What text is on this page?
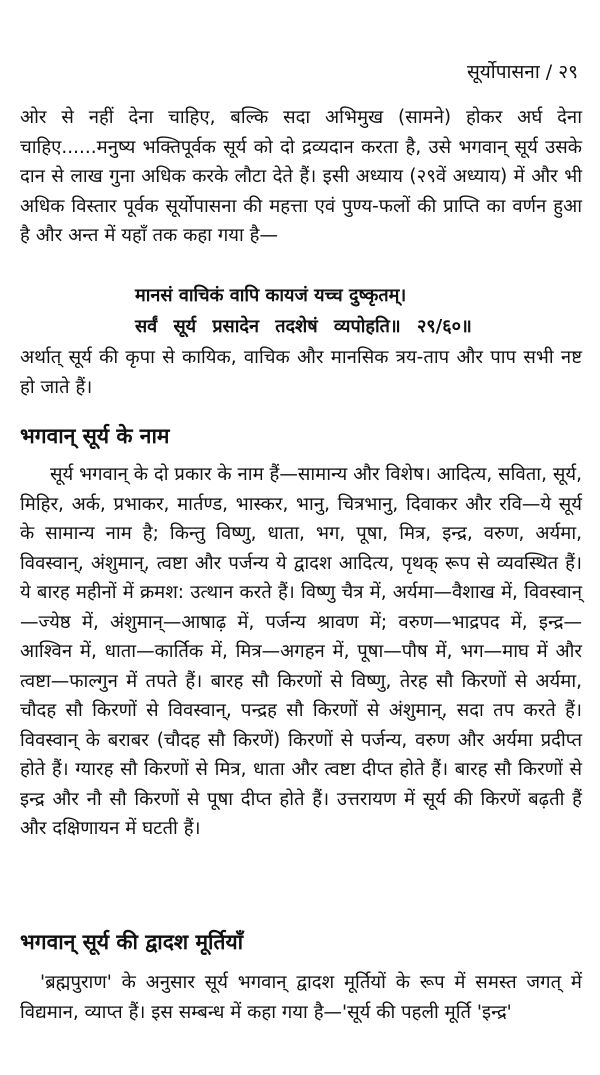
सूर्योपासना / २९

ओर से नहीं देना चाहिए, बल्कि सदा अभिमुख (सामने) होकर अर्घ देना चाहिए......मनुष्य भक्तिपूर्वक सूर्य को दो द्रव्यदान करता है, उसे भगवान् सूर्य उसके दान से लाख गुना अधिक करके लौटा देते हैं। इसी अध्याय (२९वें अध्याय) में और भी अधिक विस्तार पूर्वक सूर्योपासना की महत्ता एवं पुण्य-फलों की प्राप्ति का वर्णन हुआ है और अन्त में यहाँ तक कहा गया है—

मानसं वाचिकं वापि कायजं यच्च दुष्कृतम्।

सर्वं सूर्य प्रसादेन तदशेषं व्यपोहति॥ २९/६०॥

अर्थात् सूर्य की कृपा से कायिक, वाचिक और मानसिक त्रय-ताप और पाप सभी नष्ट हो जाते हैं।

भगवान् सूर्य के नाम

सूर्य भगवान् के दो प्रकार के नाम हैं—सामान्य और विशेष। आदित्य, सविता, सूर्य, मिहिर, अर्क, प्रभाकर, मार्तण्ड, भास्कर, भानु, चित्रभानु, दिवाकर और रवि—ये सूर्य के सामान्य नाम है; किन्तु विष्णु, धाता, भग, पूषा, मित्र, इन्द्र, वरुण, अर्यमा, विवस्वान्, अंशुमान्, त्वष्टा और पर्जन्य ये द्वादश आदित्य, पृथक् रूप से व्यवस्थित हैं। ये बारह महीनों में क्रमश: उत्थान करते हैं। विष्णु चैत्र में, अर्यमा—वैशाख में, विवस्वान्—ज्येष्ठ में, अंशुमान्—आषाढ़ में, पर्जन्य श्रावण में; वरुण—भाद्रपद में, इन्द्र—आश्विन में, धाता—कार्तिक में, मित्र—अगहन में, पूषा—पौष में, भग—माघ में और त्वष्टा—फाल्गुन में तपते हैं। बारह सौ किरणों से विष्णु, तेरह सौ किरणों से अर्यमा, चौदह सौ किरणों से विवस्वान्, पन्द्रह सौ किरणों से अंशुमान्, सदा तप करते हैं। विवस्वान् के बराबर (चौदह सौ किरणें) किरणों से पर्जन्य, वरुण और अर्यमा प्रदीप्त होते हैं। ग्यारह सौ किरणों से मित्र, धाता और त्वष्टा दीप्त होते हैं। बारह सौ किरणों से इन्द्र और नौ सौ किरणों से पूषा दीप्त होते हैं। उत्तरायण में सूर्य की किरणें बढ़ती हैं और दक्षिणायन में घटती हैं।

भगवान् सूर्य की द्वादश मूर्तियाँ

'ब्रह्मपुराण' के अनुसार सूर्य भगवान् द्वादश मूर्तियों के रूप में समस्त जगत् में विद्यमान, व्याप्त हैं। इस सम्बन्ध में कहा गया है—'सूर्य की पहली मूर्ति 'इन्द्र'
